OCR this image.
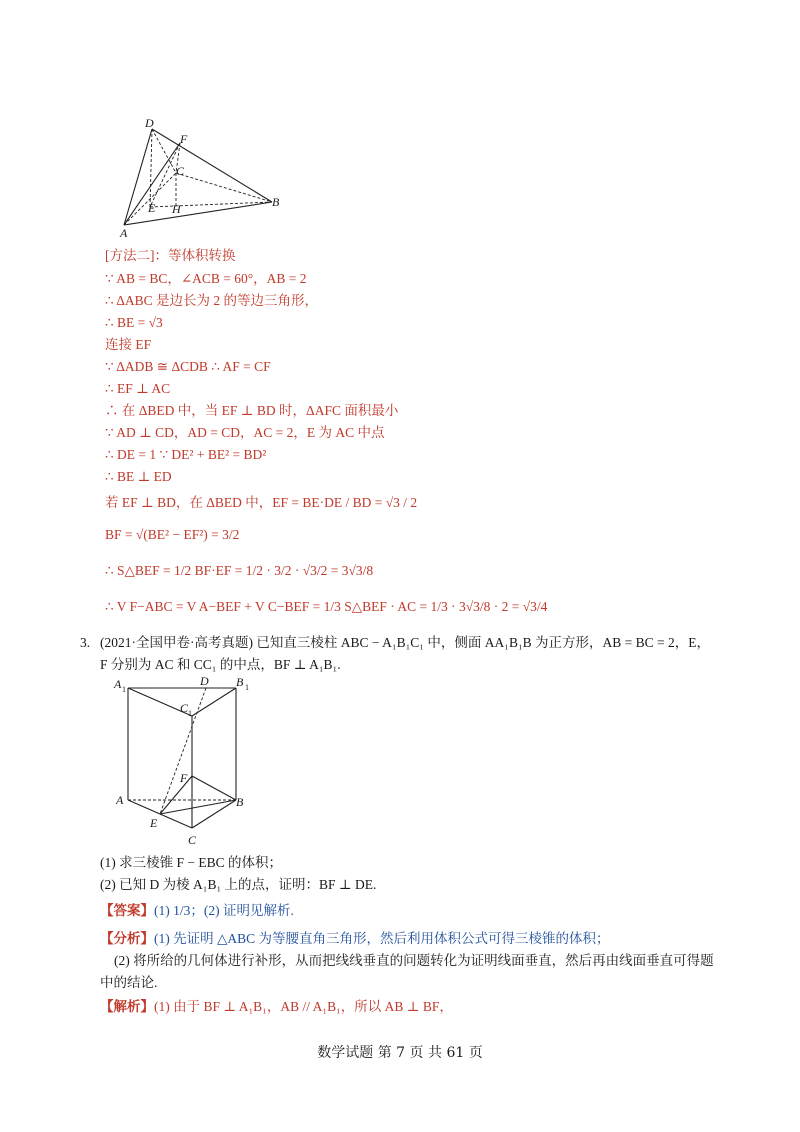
D
F
C
E H
A
B
[方法二]：等体积转换
∵ AB = BC，∠ACB = 60°，AB = 2
∴ ΔABC 是边长为 2 的等边三角形，
∴ BE = √3
连接 EF
∵ ΔADB ≅ ΔCDB ∴ AF = CF
∴ EF ⊥ AC
∴ 在 ΔBED 中，当 EF ⊥ BD 时，ΔAFC 面积最小
∵ AD ⊥ CD，AD = CD，AC = 2，E 为 AC 中点
∴ DE = 1 ∵ DE² + BE² = BD²
∴ BE ⊥ ED
若 EF ⊥ BD，在 ΔBED 中，EF = BE·DE / BD = √3 / 2
BF = √(BE² − EF²) = 3/2
∴ S△BEF = 1/2 BF·EF = 1/2 · 3/2 · √3/2 = 3√3/8
∴ V F−ABC = V A−BEF + V C−BEF = 1/3 S△BEF · AC = 1/3 · 3√3/8 · 2 = √3/4
3. (2021·全国甲卷·高考真题) 已知直三棱柱 ABC − A₁B₁C₁ 中，侧面 AA₁B₁B 为正方形，AB = BC = 2，E，
F 分别为 AC 和 CC₁ 的中点，BF ⊥ A₁B₁.
A 1
D B 1
C 1
F
A	B
E
C
(1) 求三棱锥 F − EBC 的体积；
(2) 已知 D 为棱 A₁B₁ 上的点，证明：BF ⊥ DE.
【答案】(1) 1/3；(2) 证明见解析.
【分析】(1) 先证明 △ABC 为等腰直角三角形，然后利用体积公式可得三棱锥的体积；
(2) 将所给的几何体进行补形，从而把线线垂直的问题转化为证明线面垂直，然后再由线面垂直可得题
中的结论.
【解析】(1) 由于 BF ⊥ A₁B₁，AB // A₁B₁，所以 AB ⊥ BF，
数学试题 第 7 页 共 61 页
